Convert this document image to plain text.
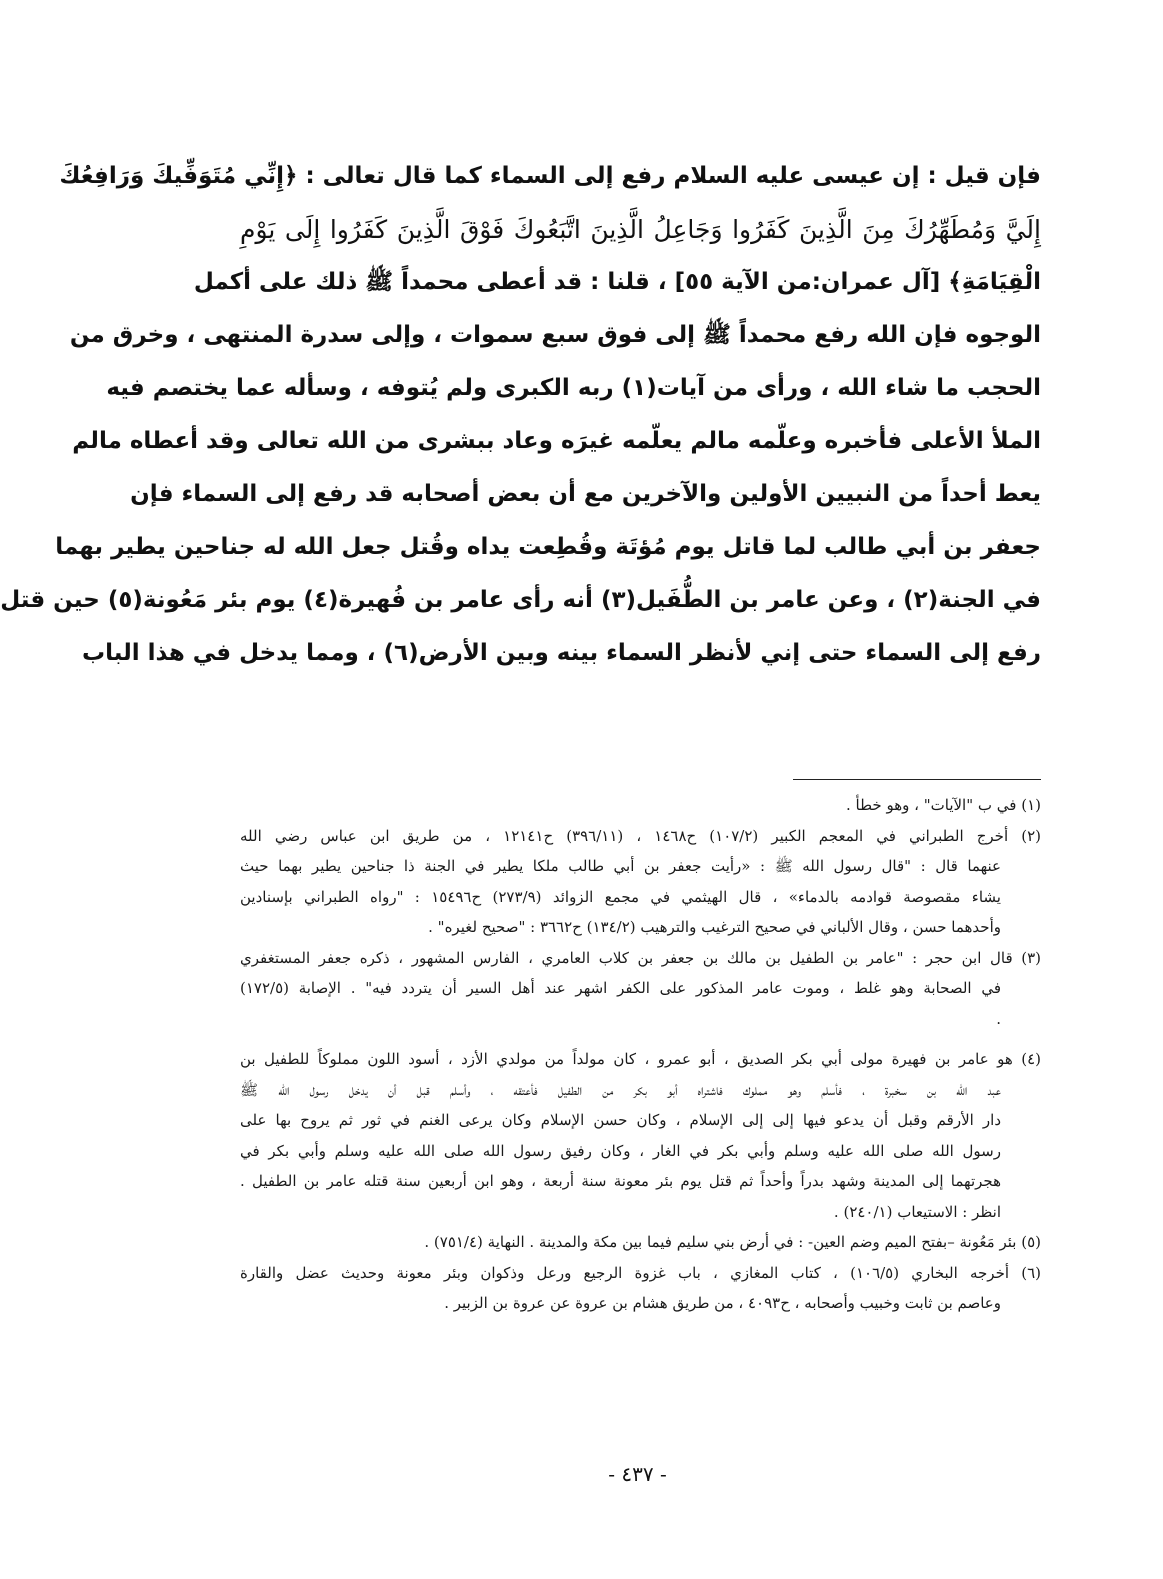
فإن قيل : إن عيسى عليه السلام رفع إلى السماء كما قال تعالى : ﴿إِنِّي مُتَوَفِّيكَ وَرَافِعُكَ
إِلَيَّ وَمُطَهِّرُكَ مِنَ الَّذِينَ كَفَرُوا وَجَاعِلُ الَّذِينَ اتَّبَعُوكَ فَوْقَ الَّذِينَ كَفَرُوا إِلَى يَوْمِ
الْقِيَامَةِ﴾ [آل عمران:من الآية ٥٥] ، قلنا : قد أعطى محمداً ﷺ ذلك على أكمل
الوجوه فإن الله رفع محمداً ﷺ إلى فوق سبع سموات ، وإلى سدرة المنتهى ، وخرق من
الحجب ما شاء الله ، ورأى من آيات(١) ربه الكبرى ولم يُتوفه ، وسأله عما يختصم فيه
الملأ الأعلى فأخبره وعلّمه مالم يعلّمه غيرَه وعاد ببشرى من الله تعالى وقد أعطاه مالم
يعط أحداً من النبيين الأولين والآخرين مع أن بعض أصحابه قد رفع إلى السماء فإن
جعفر بن أبي طالب لما قاتل يوم مُؤتَة وقُطِعت يداه وقُتل جعل الله له جناحين يطير بهما
في الجنة(٢) ، وعن عامر بن الطُّفَيل(٣) أنه رأى عامر بن فُهيرة(٤) يوم بئر مَعُونة(٥) حين قتل
رفع إلى السماء حتى إني لأنظر السماء بينه وبين الأرض(٦) ، ومما يدخل في هذا الباب
(١) في ب "الآيات" ، وهو خطأ .
(٢) أخرج الطبراني في المعجم الكبير (١٠٧/٢) ح١٤٦٨ ، (٣٩٦/١١) ح١٢١٤١ ، من طريق ابن عباس رضي الله
عنهما قال : "قال رسول الله ﷺ : «رأيت جعفر بن أبي طالب ملكا يطير في الجنة ذا جناحين يطير بهما حيث
يشاء مقصوصة قوادمه بالدماء» ، قال الهيثمي في مجمع الزوائد (٢٧٣/٩) ح١٥٤٩٦ : "رواه الطبراني بإسنادين
وأحدهما حسن ، وقال الألباني في صحيح الترغيب والترهيب (١٣٤/٢) ح٣٦٦٢ : "صحيح لغيره" .
(٣) قال ابن حجر : "عامر بن الطفيل بن مالك بن جعفر بن كلاب العامري ، الفارس المشهور ، ذكره جعفر المستغفري
في الصحابة وهو غلط ، وموت عامر المذكور على الكفر اشهر عند أهل السير أن يتردد فيه" . الإصابة (١٧٢/٥)
.
(٤) هو عامر بن فهيرة مولى أبي بكر الصديق ، أبو عمرو ، كان مولداً من مولدي الأزد ، أسود اللون مملوكاً للطفيل بن
عبد الله بن سخبرة ، فأسلم وهو مملوك فاشتراه أبو بكر من الطفيل فأعتقه ، وأسلم قبل أن يدخل رسول الله ﷺ
دار الأرقم وقبل أن يدعو فيها إلى إلى الإسلام ، وكان حسن الإسلام وكان يرعى الغنم في ثور ثم يروح بها على
رسول الله صلى الله عليه وسلم وأبي بكر في الغار ، وكان رفيق رسول الله صلى الله عليه وسلم وأبي بكر في
هجرتهما إلى المدينة وشهد بدراً وأحداً ثم قتل يوم بئر معونة سنة أربعة ، وهو ابن أربعين سنة قتله عامر بن الطفيل .
انظر : الاستيعاب (٢٤٠/١) .
(٥) بئر مَعُونة –بفتح الميم وضم العين- : في أرض بني سليم فيما بين مكة والمدينة . النهاية (٧٥١/٤) .
(٦) أخرجه البخاري (١٠٦/٥) ، كتاب المغازي ، باب غزوة الرجيع ورعل وذكوان وبئر معونة وحديث عضل والقارة
وعاصم بن ثابت وخبيب وأصحابه ، ح٤٠٩٣ ، من طريق هشام بن عروة عن عروة بن الزبير .
- ٤٣٧ -
